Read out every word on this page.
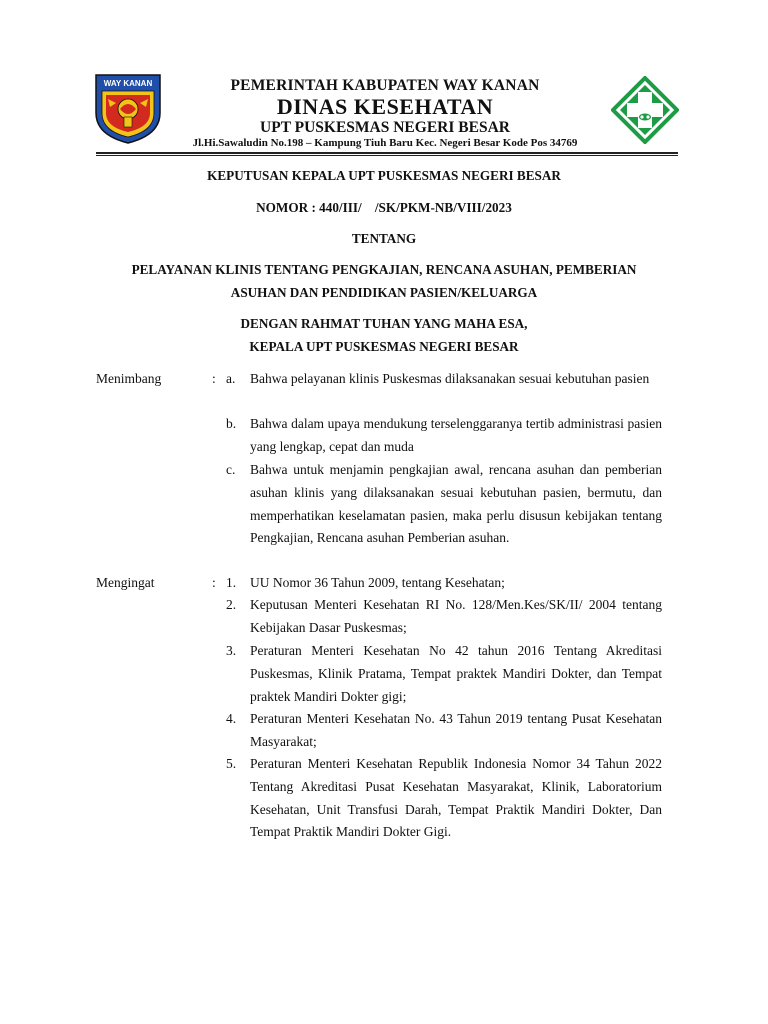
WAY KANAN	PEMERINTAH KABUPATEN WAY KANAN
DINAS KESEHATAN
UPT PUSKESMAS NEGERI BESAR
Jl.Hi.Sawaludin No.198 – Kampung Tiuh Baru Kec. Negeri Besar Kode Pos 34769
KEPUTUSAN KEPALA UPT PUSKESMAS NEGERI BESAR
NOMOR : 440/III/    /SK/PKM-NB/VIII/2023
TENTANG
PELAYANAN KLINIS TENTANG PENGKAJIAN, RENCANA ASUHAN, PEMBERIAN
ASUHAN DAN PENDIDIKAN PASIEN/KELUARGA
DENGAN RAHMAT TUHAN YANG MAHA ESA,
KEPALA UPT PUSKESMAS NEGERI BESAR
Menimbang	: a. Bahwa pelayanan klinis Puskesmas dilaksanakan sesuai kebutuhan pasien
b. Bahwa dalam upaya mendukung terselenggaranya tertib administrasi pasien yang lengkap, cepat dan muda
c. Bahwa untuk menjamin pengkajian awal, rencana asuhan dan pemberian asuhan klinis yang dilaksanakan sesuai kebutuhan pasien, bermutu, dan memperhatikan keselamatan pasien, maka perlu disusun kebijakan tentang Pengkajian, Rencana asuhan Pemberian asuhan.
Mengingat	: 1. UU Nomor 36 Tahun 2009, tentang Kesehatan;
2. Keputusan Menteri Kesehatan RI No. 128/Men.Kes/SK/II/ 2004 tentang Kebijakan Dasar Puskesmas;
3. Peraturan Menteri Kesehatan No 42 tahun 2016 Tentang Akreditasi Puskesmas, Klinik Pratama, Tempat praktek Mandiri Dokter, dan Tempat praktek Mandiri Dokter gigi;
4. Peraturan Menteri Kesehatan No. 43 Tahun 2019 tentang Pusat Kesehatan Masyarakat;
5. Peraturan Menteri Kesehatan Republik Indonesia Nomor 34 Tahun 2022 Tentang Akreditasi Pusat Kesehatan Masyarakat, Klinik, Laboratorium Kesehatan, Unit Transfusi Darah, Tempat Praktik Mandiri Dokter, Dan Tempat Praktik Mandiri Dokter Gigi.
